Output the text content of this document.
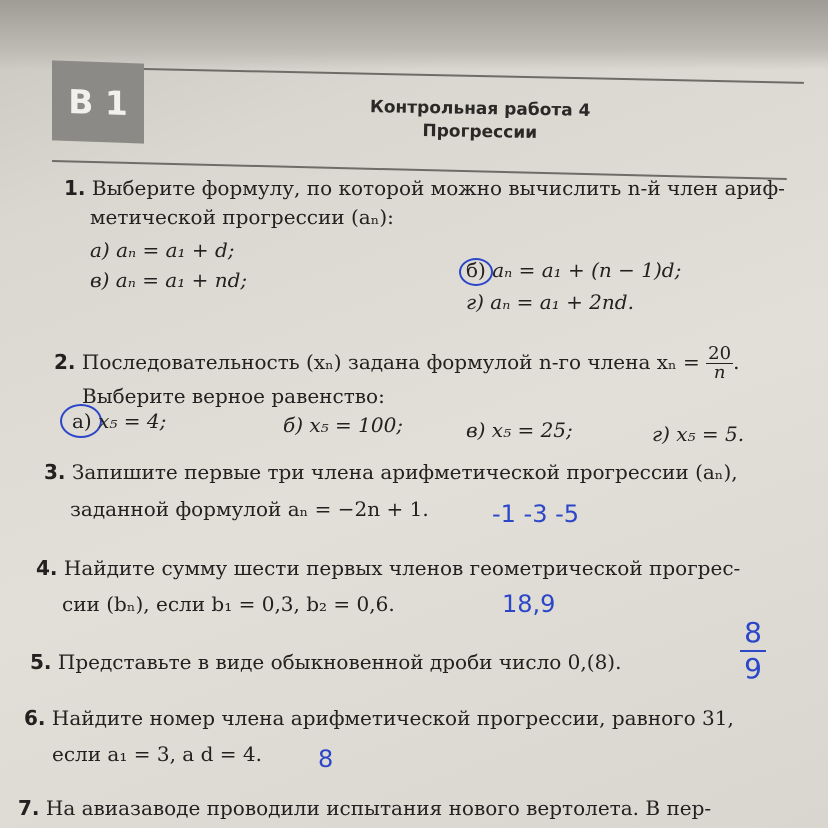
В 1	Контрольная работа 4
Прогрессии
1. Выберите формулу, по которой можно вычислить n-й член ариф-
метической прогрессии (aₙ):
а) aₙ = a₁ + d;
в) aₙ = a₁ + nd;	б) aₙ = a₁ + (n − 1)d;
г) aₙ = a₁ + 2nd.
2. Последовательность (xₙ) задана формулой n-го члена $x_n = \frac{20}{n}$ .
Выберите верное равенство:
а) x₅ = 4;	б) x₅ = 100;	в) x₅ = 25;	г) x₅ = 5.
3. Запишите первые три члена арифметической прогрессии (aₙ),
заданной формулой aₙ = −2n + 1.	-1 -3 -5
4. Найдите сумму шести первых членов геометрической прогрес-
сии (bₙ), если b₁ = 0,3, b₂ = 0,6.	18,9
5. Представьте в виде обыкновенной дроби число 0,(8).
8
9
6. Найдите номер члена арифметической прогрессии, равного 31,
если a₁ = 3, а d = 4. 8
7. На авиазаводе проводили испытания нового вертолета. В пер-
